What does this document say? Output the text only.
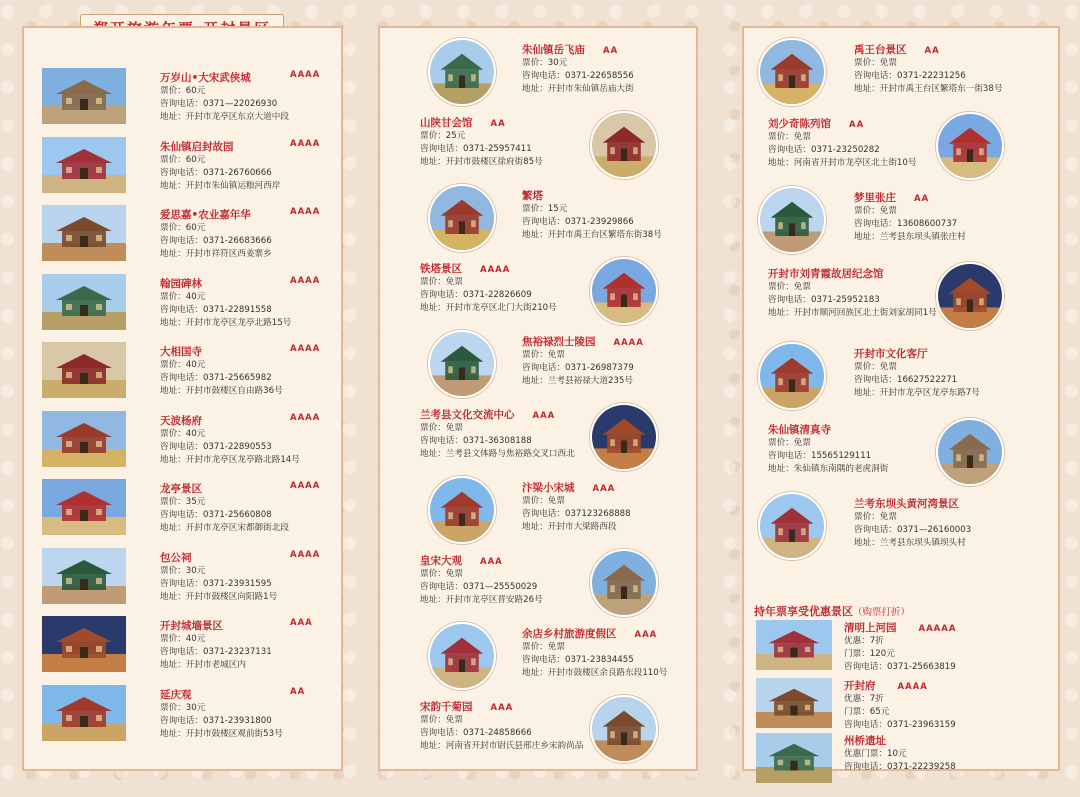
万岁山•大宋武侠城
票价：60元
咨询电话：0371—22026930
地址：开封市龙亭区东京大道中段
AAAA
朱仙镇启封故园
票价：60元
咨询电话：0371-26760666
地址：开封市朱仙镇运粮河西岸
AAAA
爱思嘉•农业嘉年华
票价：60元
咨询电话：0371-26683666
地址：开封市祥符区西姜寨乡
AAAA
翰园碑林
票价：40元
咨询电话：0371-22891558
地址：开封市龙亭区龙亭北路15号
AAAA
大相国寺
票价：40元
咨询电话：0371-25665982
地址：开封市鼓楼区自由路36号
AAAA
天波杨府
票价：40元
咨询电话：0371-22890553
地址：开封市龙亭区龙亭路北路14号
AAAA
龙亭景区
票价：35元
咨询电话：0371-25660808
地址：开封市龙亭区宋都御街北段
AAAA
包公祠
票价：30元
咨询电话：0371-23931595
地址：开封市鼓楼区向阳路1号
AAAA
开封城墙景区
票价：40元
咨询电话：0371-23237131
地址：开封市老城区内
AAA
延庆观
票价：30元
咨询电话：0371-23931800
地址：开封市鼓楼区观前街53号
AA
朱仙镇岳飞庙 AA
票价：30元
咨询电话：0371-22658556
地址：开封市朱仙镇岳庙大街
山陕甘会馆 AA
票价：25元
咨询电话：0371-25957411
地址：开封市鼓楼区徐府街85号
繁塔
票价：15元
咨询电话：0371-23929866
地址：开封市禹王台区繁塔东街38号
铁塔景区 AAAA
票价：免票
咨询电话：0371-22826609
地址：开封市龙亭区北门大街210号
焦裕禄烈士陵园 AAAA
票价：免票
咨询电话：0371-26987379
地址：兰考县裕禄大道235号
兰考县文化交流中心 AAA
票价：免票
咨询电话：0371-36308188
地址：兰考县文体路与焦裕路交叉口西北
汴梁小宋城 AAA
票价：免票
咨询电话：037123268888
地址：开封市大梁路西段
皇宋大观 AAA
票价：免票
咨询电话：0371—25550029
地址：开封市龙亭区晋安路26号
余店乡村旅游度假区 AAA
票价：免票
咨询电话：0371-23834455
地址：开封市鼓楼区余良路东段110号
宋韵千菊园 AAA
票价：免票
咨询电话：0371-24858666
地址：河南省开封市尉氏县邢庄乡宋韵尚品
禹王台景区 AA
票价：免票
咨询电话：0371-22231256
地址：开封市禹王台区繁塔东一街38号
刘少奇陈列馆 AA
票价：免票
咨询电话：0371-23250282
地址：河南省开封市龙亭区北土街10号
梦里张庄 AA
票价：免票
咨询电话：13608600737
地址：兰考县东坝头镇张庄村
开封市刘青霞故居纪念馆
票价：免票
咨询电话：0371-25952183
地址：开封市顺河回族区北土街刘家胡同1号
开封市文化客厅
票价：免票
咨询电话：16627522271
地址：开封市龙亭区龙亭东路7号
朱仙镇清真寺
票价：免票
咨询电话：15565129111
地址：朱仙镇东南隅的老虎洞街
兰考东坝头黄河湾景区
票价：免票
咨询电话：0371—26160003
地址：兰考县东坝头镇坝头村
持年票享受优惠景区（购票打折）
清明上河园	AAAAA
优惠：7折
门票：120元
咨询电话：0371-25663819
开封府	AAAA
优惠：7折
门票：65元
咨询电话：0371-23963159
州桥遗址
优惠门票：10元
咨询电话：0371-22239258
